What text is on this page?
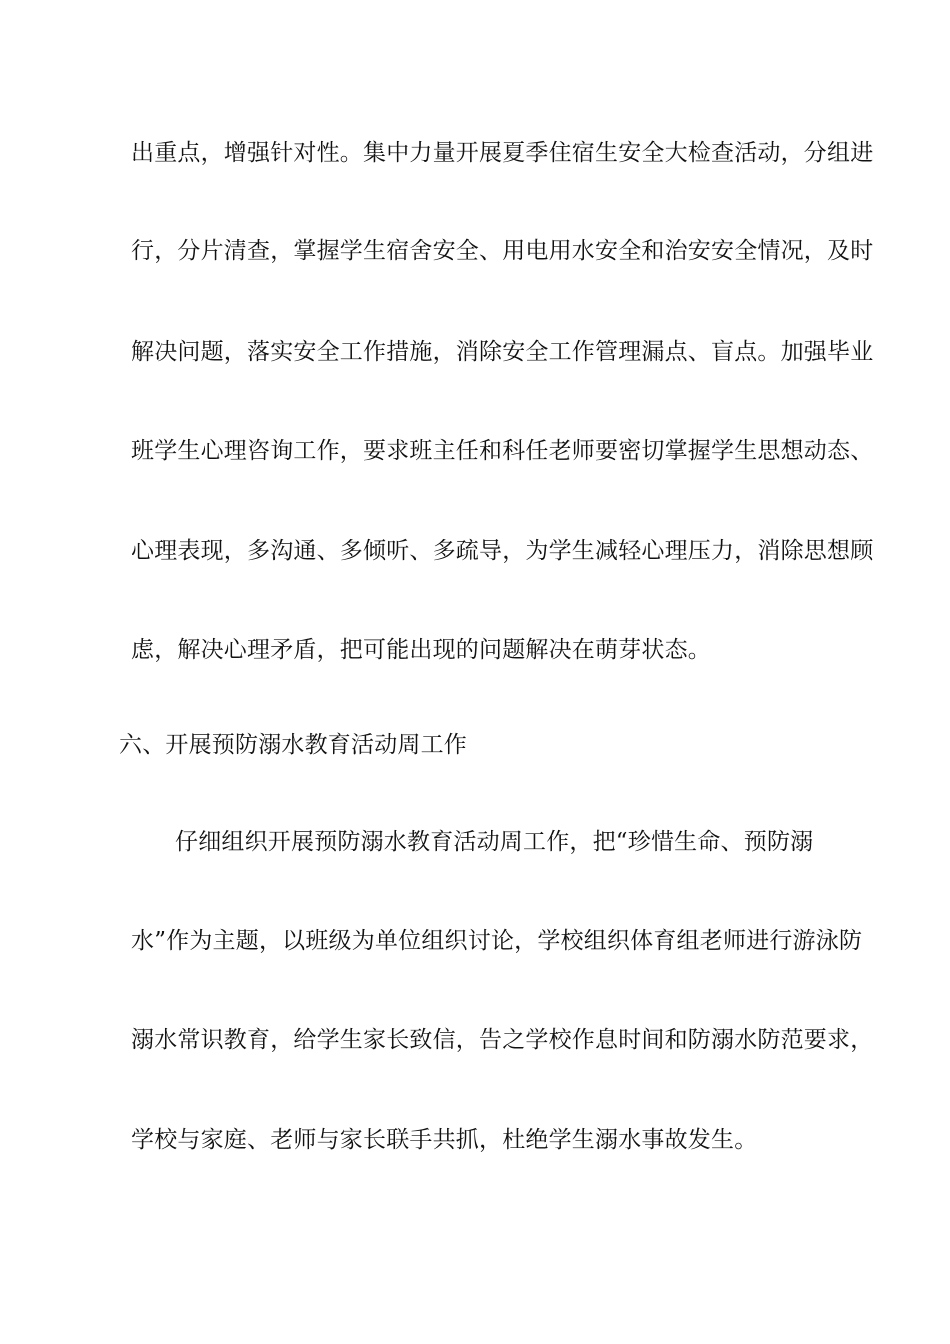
出重点，增强针对性。集中力量开展夏季住宿生安全大检查活动，分组进
行，分片清查，掌握学生宿舍安全、用电用水安全和治安安全情况，及时
解决问题，落实安全工作措施，消除安全工作管理漏点、盲点。加强毕业
班学生心理咨询工作，要求班主任和科任老师要密切掌握学生思想动态、
心理表现，多沟通、多倾听、多疏导，为学生减轻心理压力，消除思想顾
虑，解决心理矛盾，把可能出现的问题解决在萌芽状态。
六、开展预防溺水教育活动周工作
仔细组织开展预防溺水教育活动周工作，把“珍惜生命、预防溺
水”作为主题，以班级为单位组织讨论，学校组织体育组老师进行游泳防
溺水常识教育，给学生家长致信，告之学校作息时间和防溺水防范要求，
学校与家庭、老师与家长联手共抓，杜绝学生溺水事故发生。
